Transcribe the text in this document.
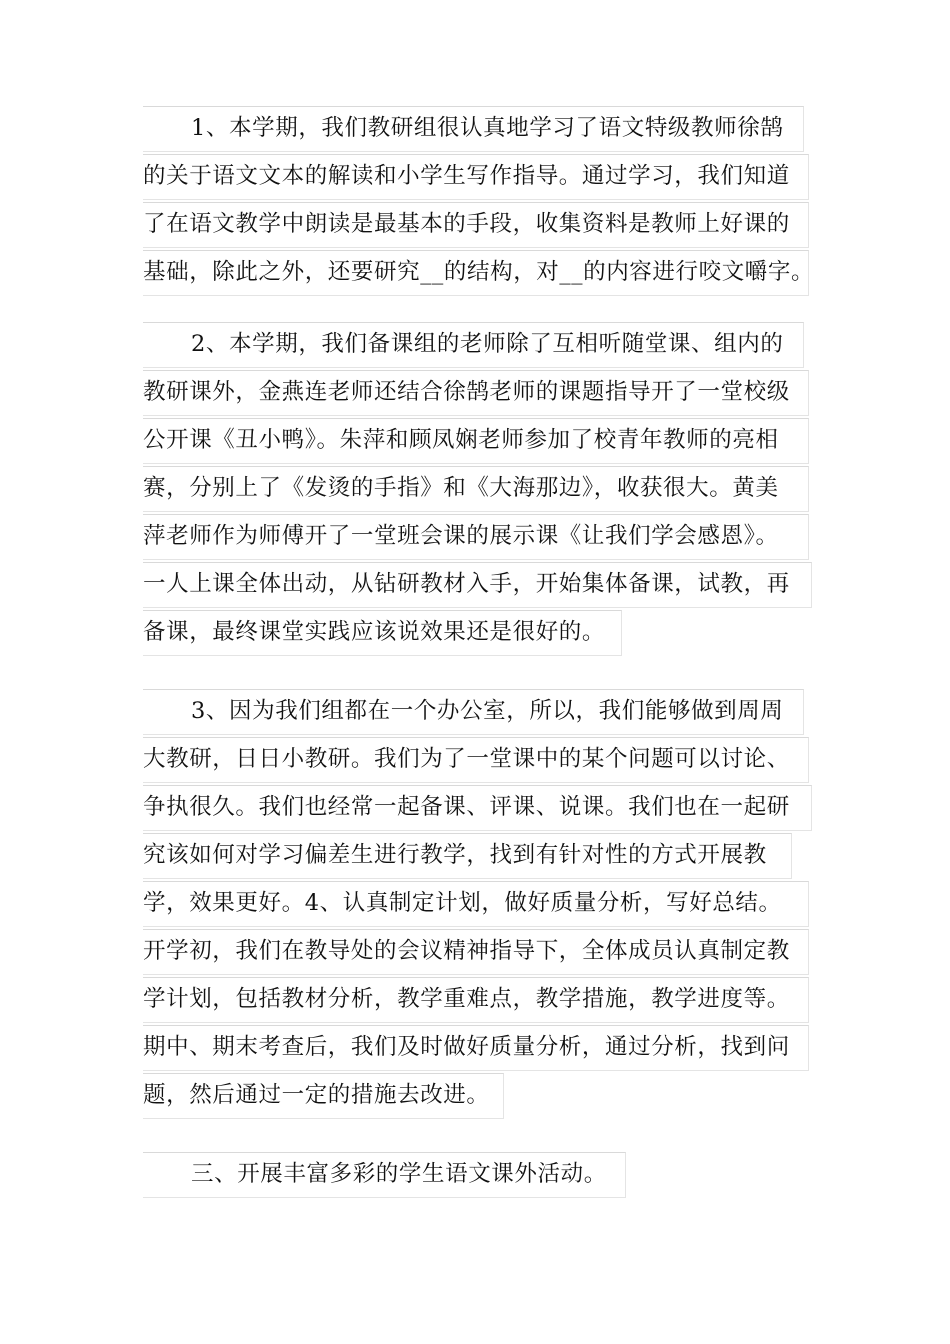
1、本学期，我们教研组很认真地学习了语文特级教师徐鹄
的关于语文文本的解读和小学生写作指导。通过学习，我们知道
了在语文教学中朗读是最基本的手段，收集资料是教师上好课的
基础，除此之外，还要研究__的结构，对__的内容进行咬文嚼字。
2、本学期，我们备课组的老师除了互相听随堂课、组内的
教研课外，金燕连老师还结合徐鹄老师的课题指导开了一堂校级
公开课《丑小鸭》。朱萍和顾凤娴老师参加了校青年教师的亮相
赛，分别上了《发烫的手指》和《大海那边》，收获很大。黄美
萍老师作为师傅开了一堂班会课的展示课《让我们学会感恩》。
一人上课全体出动，从钻研教材入手，开始集体备课，试教，再
备课，最终课堂实践应该说效果还是很好的。
3、因为我们组都在一个办公室，所以，我们能够做到周周
大教研，日日小教研。我们为了一堂课中的某个问题可以讨论、
争执很久。我们也经常一起备课、评课、说课。我们也在一起研
究该如何对学习偏差生进行教学，找到有针对性的方式开展教
学，效果更好。4、认真制定计划，做好质量分析，写好总结。
开学初，我们在教导处的会议精神指导下，全体成员认真制定教
学计划，包括教材分析，教学重难点，教学措施，教学进度等。
期中、期末考查后，我们及时做好质量分析，通过分析，找到问
题，然后通过一定的措施去改进。
三、开展丰富多彩的学生语文课外活动。
